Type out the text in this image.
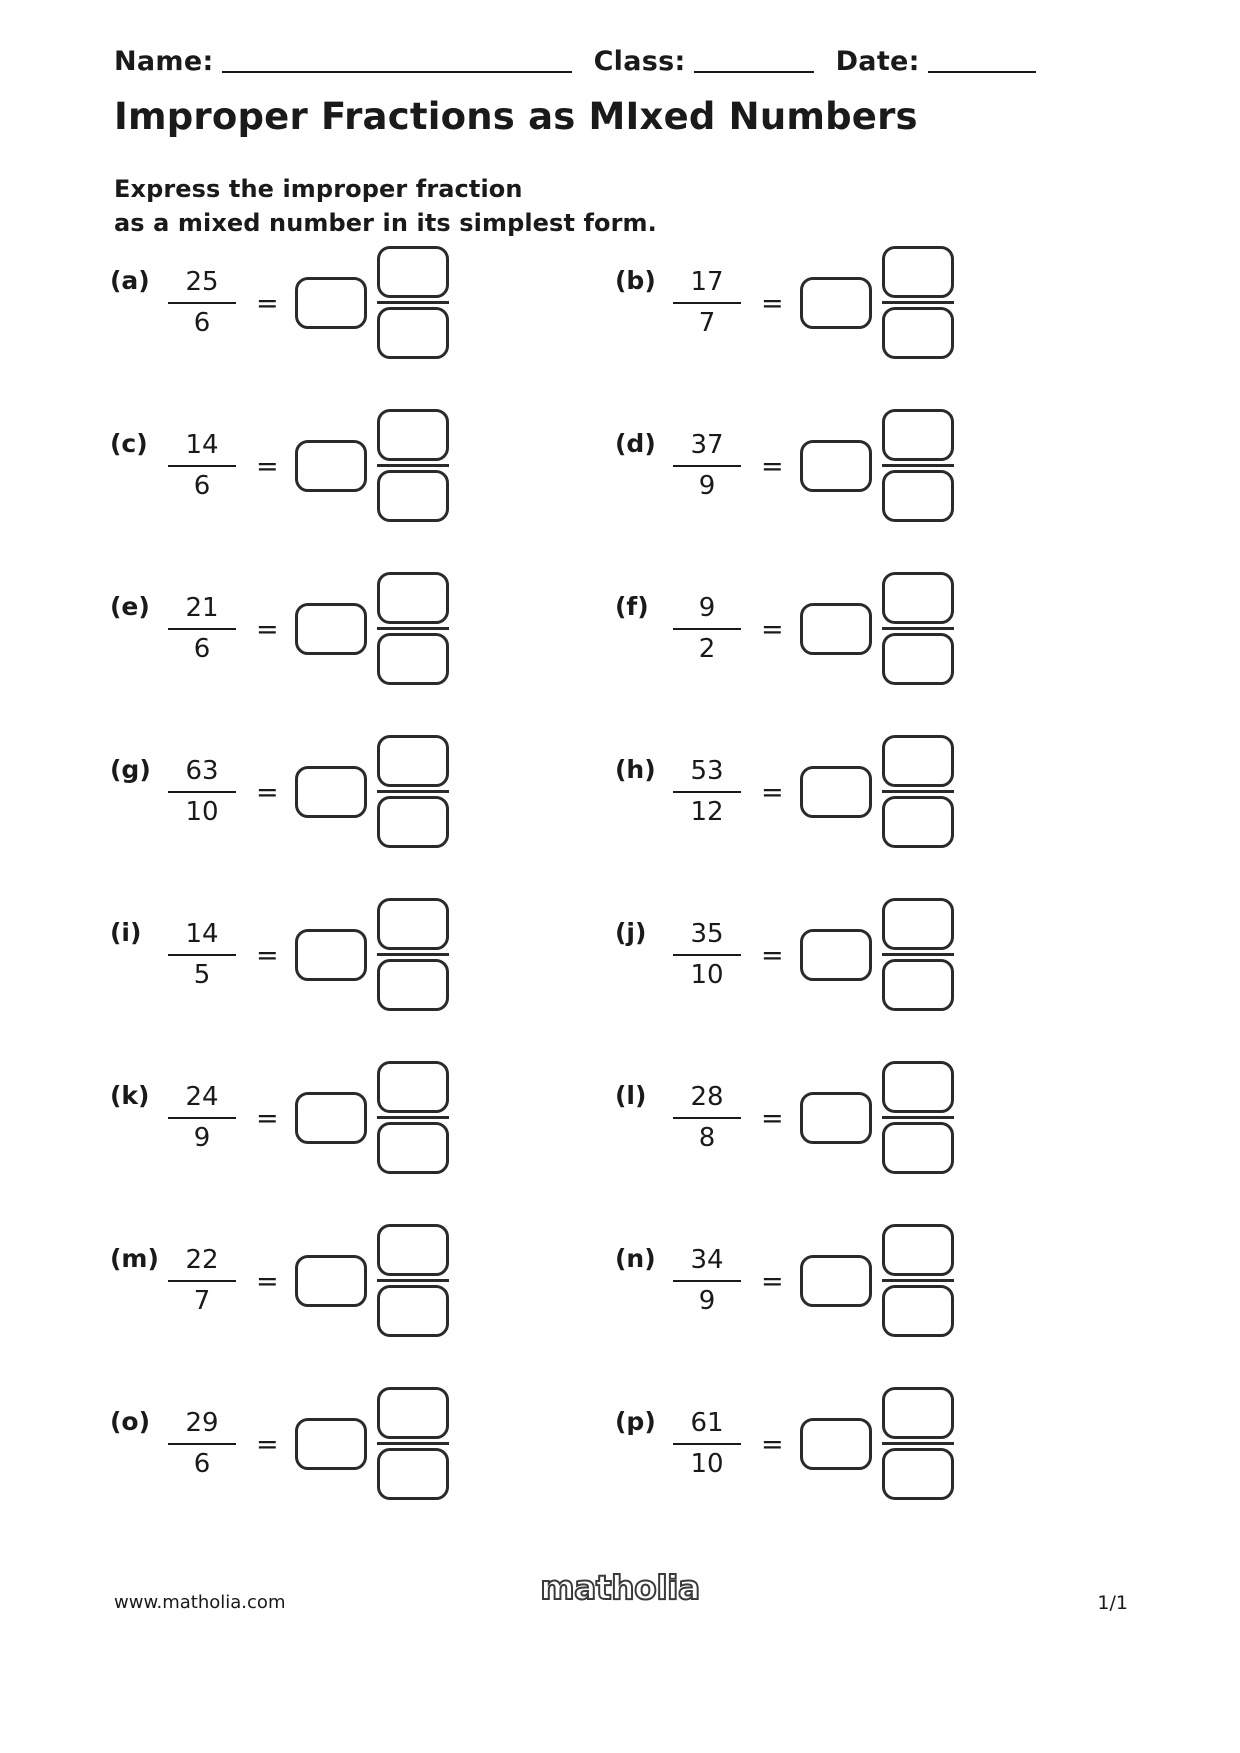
Name:	Class:	Date:
Improper Fractions as MIxed Numbers
Express the improper fraction
as a mixed number in its simplest form.
$(a) \frac{25}{6}$ =
$(b) \frac{17}{7}$ =
$(c) \frac{14}{6}$ =
$(d) \frac{37}{9}$ =
$(e) \frac{21}{6}$ =
$(f) \frac{9}{2}$ =
$(g) \frac{63}{10}$ =
$(h) \frac{53}{12}$ =
(i)	$\frac{14}{5}$ =
(j)	$\frac{35}{10}$ =
$(k) \frac{24}{9}$ =
(l)	$\frac{28}{8}$ =
$(m) \frac{22}{7}$ =
$(n) \frac{34}{9}$ =
$(o) \frac{29}{6}$ =
$(p) \frac{61}{10}$ =
www.matholia.com	matholia	1/1
